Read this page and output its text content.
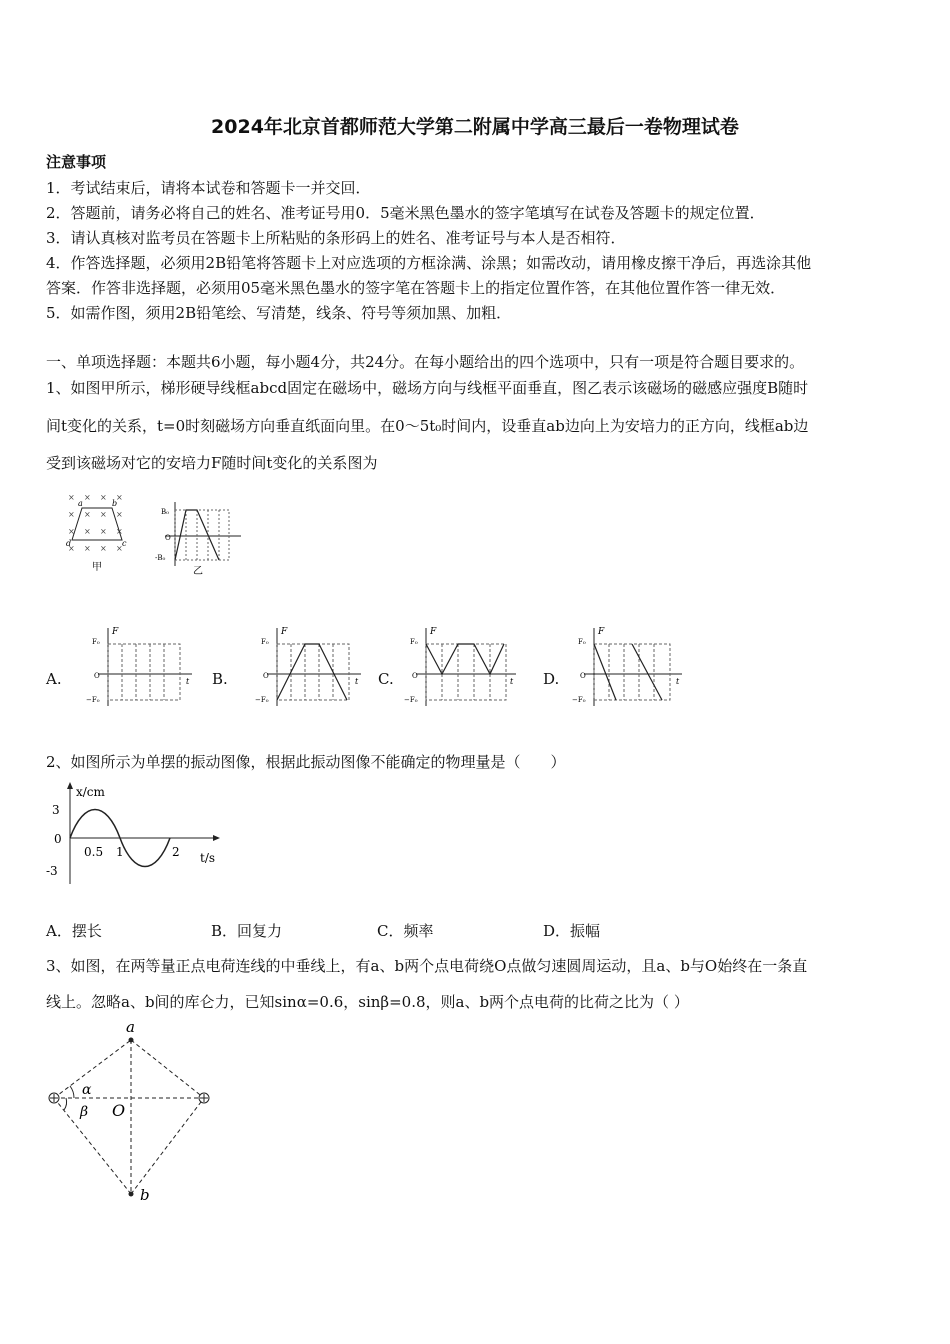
2024年北京首都师范大学第二附属中学高三最后一卷物理试卷
注意事项
1．考试结束后，请将本试卷和答题卡一并交回．
2．答题前，请务必将自己的姓名、准考证号用0．5毫米黑色墨水的签字笔填写在试卷及答题卡的规定位置．
3．请认真核对监考员在答题卡上所粘贴的条形码上的姓名、准考证号与本人是否相符．
4．作答选择题，必须用2B铅笔将答题卡上对应选项的方框涂满、涂黑；如需改动，请用橡皮擦干净后，再选涂其他
答案．作答非选择题，必须用05毫米黑色墨水的签字笔在答题卡上的指定位置作答，在其他位置作答一律无效．
5．如需作图，须用2B铅笔绘、写清楚，线条、符号等须加黑、加粗．
一、单项选择题：本题共6小题，每小题4分，共24分。在每小题给出的四个选项中，只有一项是符合题目要求的。
1、如图甲所示，梯形硬导线框abcd固定在磁场中，磁场方向与线框平面垂直，图乙表示该磁场的磁感应强度B随时
间t变化的关系，t=0时刻磁场方向垂直纸面向里。在0～5t₀时间内，设垂直ab边向上为安培力的正方向，线框ab边
受到该磁场对它的安培力F随时间t变化的关系图为
× × × ×
× × × ×
× × × ×
× × × ×
a	b
d	c
甲
B₀
O
-B₀
乙
A.
F
F₀
O
−F₀
t B.
F
F₀
O
−F₀
t C.
F
F₀
O
−F₀
t D.
F
F₀
O
−F₀
t
2、如图所示为单摆的振动图像，根据此振动图像不能确定的物理量是（　　）
x/cm
3
0
-3
0.5 1	2 t/s
A．摆长	B．回复力	C．频率	D．振幅
3、如图，在两等量正点电荷连线的中垂线上，有a、b两个点电荷绕O点做匀速圆周运动，且a、b与O始终在一条直
线上。忽略a、b间的库仑力，已知sinα=0.6，sinβ=0.8，则a、b两个点电荷的比荷之比为（ ）
a
b
O
α
β
